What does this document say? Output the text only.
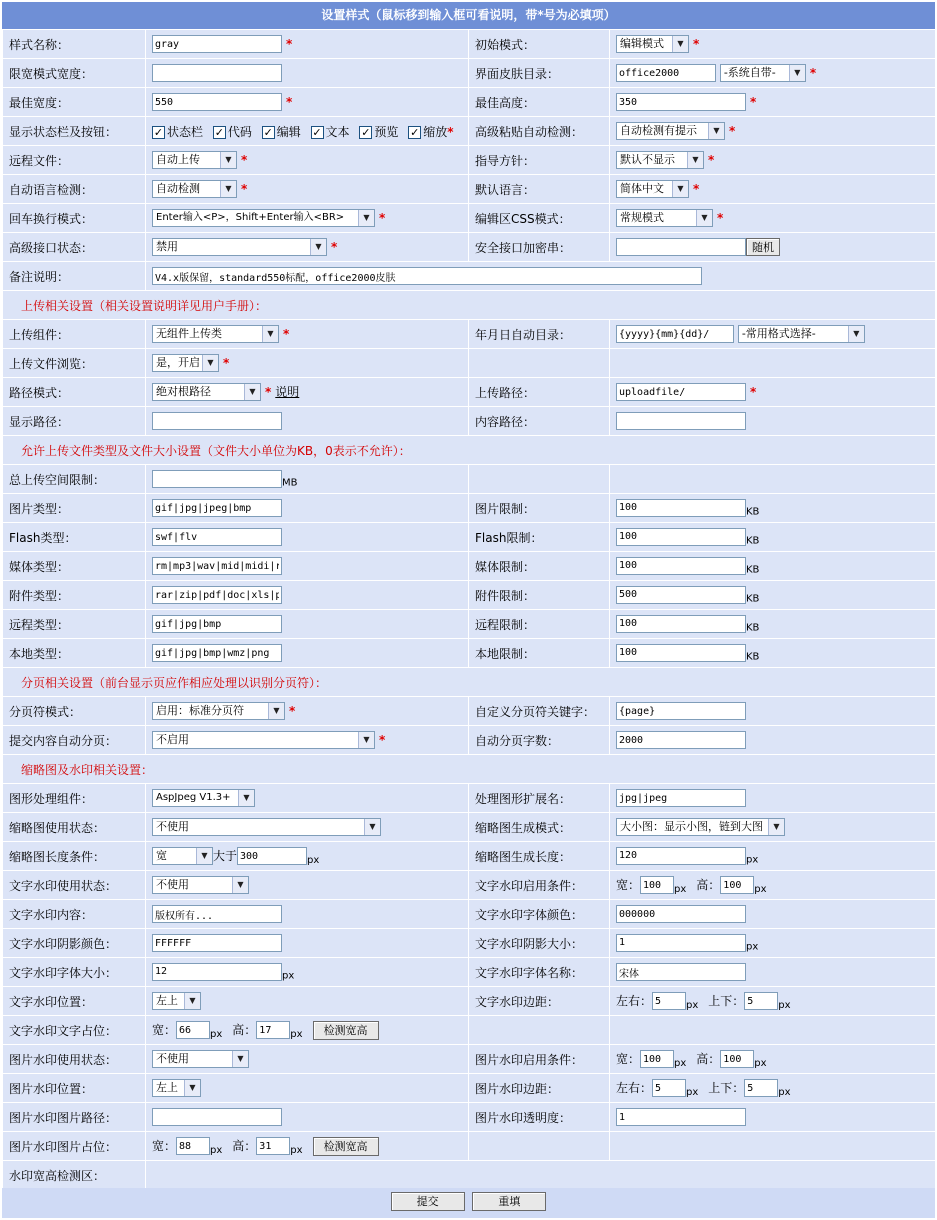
设置样式（鼠标移到输入框可看说明，带*号为必填项）
样式名称：	gray*	初始模式：	编辑模式 ▼ *
限宽模式宽度：		界面皮肤目录：	office2000-系统自带- ▼ *
最佳宽度：	550*	最佳高度：	350*
显示状态栏及按钮：	✓ 状态栏 ✓ 代码 ✓ 编辑 ✓ 文本 ✓ 预览 ✓ 缩放*	高级粘贴自动检测：	自动检测有提示 ▼ *
远程文件：	自动上传 ▼ *	指导方针：	默认不显示 ▼ *
自动语言检测：	自动检测 ▼ *	默认语言：	简体中文 ▼ *
回车换行模式：	Enter输入<P>，Shift+Enter输入<BR> ▼ *	编辑区CSS模式：	常规模式 ▼ *
高级接口状态：	禁用 ▼ *	安全接口加密串：	随机
备注说明：	V4.x版保留，standard550标配，office2000皮肤
上传相关设置（相关设置说明详见用户手册）：			
上传组件：	无组件上传类 ▼ *	年月日自动目录：	{yyyy}{mm}{dd}/-常用格式选择- ▼

上传文件浏览：	是，开启 ▼ *		
路径模式：	绝对根路径 ▼ * 说明	上传路径：	uploadfile/*
显示路径：		内容路径：	
允许上传文件类型及文件大小设置（文件大小单位为KB，0表示不允许）：			
总上传空间限制：	$_{MB}$		
图片类型：	gif|jpg|jpeg|bmp	图片限制：	$100_{KB}$
Flash类型：	swf|flv	Flash限制：	$100_{KB}$
媒体类型：	rm|mp3|wav|mid|midi|r	媒体限制：	$100_{KB}$
附件类型：	rar|zip|pdf|doc|xls|p	附件限制：	$500_{KB}$
远程类型：	gif|jpg|bmp	远程限制：	$100_{KB}$
本地类型：	gif|jpg|bmp|wmz|png	本地限制：	$100_{KB}$
分页相关设置（前台显示页应作相应处理以识别分页符）：			
分页符模式：	启用：标准分页符 ▼ *	自定义分页符关键字：	{page}
提交内容自动分页：	不启用 ▼ *	自动分页字数：	2000
缩略图及水印相关设置：			
图形处理组件：	AspJpeg V1.3+ ▼	处理图形扩展名：	jpg|jpeg
缩略图使用状态：	不使用 ▼	缩略图生成模式：	大小图：显示小图，链到大图 ▼

缩略图长度条件：	宽 ▼ 大于300 $_{px}$	缩略图生成长度：	$120_{px}$
文字水印使用状态：	不使用 ▼	文字水印启用条件：	宽：100 $_{px}$ 高：100 $_{px}$
文字水印内容：	版权所有...	文字水印字体颜色：	000000
文字水印阴影颜色：	FFFFFF	文字水印阴影大小：	$1_{px}$
文字水印字体大小：	$12_{px}$	文字水印字体名称：	宋体
文字水印位置：	左上 ▼	文字水印边距：	左右：5 $_{px}$ 上下：5 $_{px}$
文字水印文字占位：	宽：66 $_{px}$ 高：17 $_{px}$ 检测宽高		
图片水印使用状态：	不使用 ▼	图片水印启用条件：	宽：100 $_{px}$ 高：100 $_{px}$
图片水印位置：	左上 ▼	图片水印边距：	左右：5 $_{px}$ 上下：5 $_{px}$
图片水印图片路径：		图片水印透明度：	1
图片水印图片占位：	宽：88 $_{px}$ 高：31 $_{px}$ 检测宽高		
水印宽高检测区：			
提交	重填
